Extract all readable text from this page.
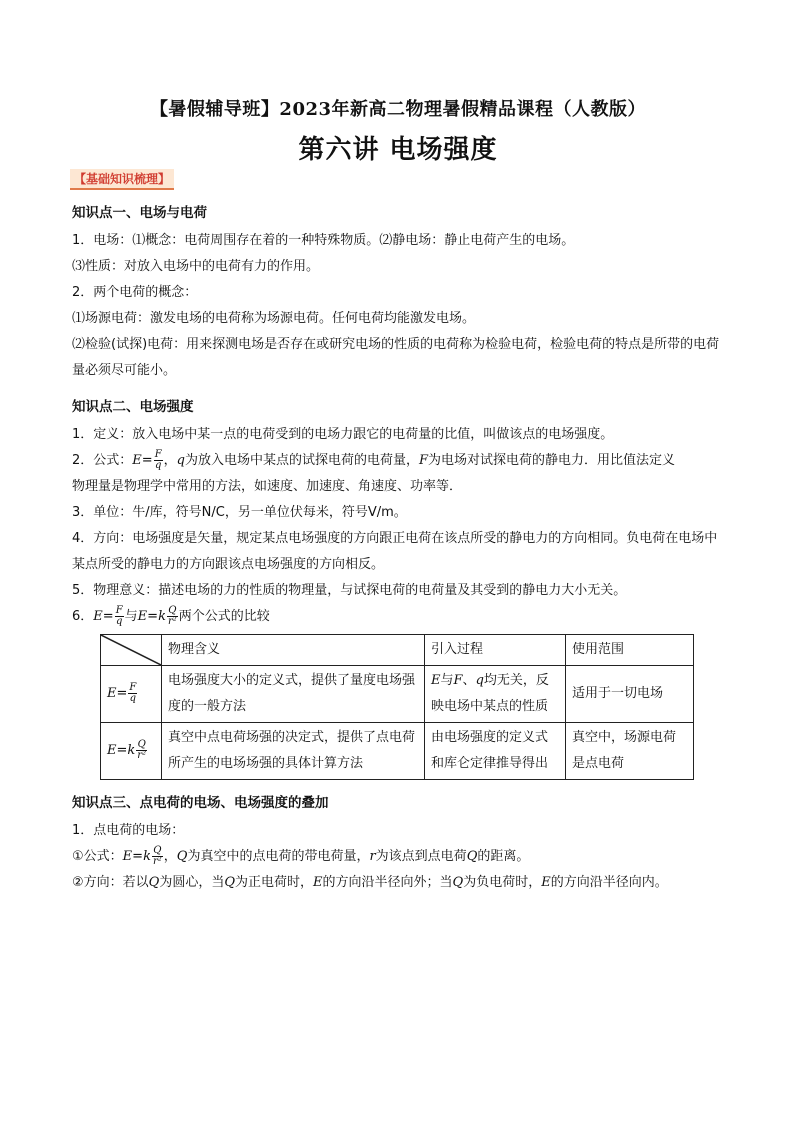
【暑假辅导班】2023年新高二物理暑假精品课程（人教版）

第六讲 电场强度

【基础知识梳理】
知识点一、电场与电荷

1．电场：⑴概念：电荷周围存在着的一种特殊物质。⑵静电场：静止电荷产生的电场。

⑶性质：对放入电场中的电荷有力的作用。

2．两个电荷的概念：

⑴场源电荷：激发电场的电荷称为场源电荷。任何电荷均能激发电场。

⑵检验(试探)电荷：用来探测电场是否存在或研究电场的性质的电荷称为检验电荷，检验电荷的特点是所带的电荷量必须尽可能小。

知识点二、电场强度

1．定义：放入电场中某一点的电荷受到的电场力跟它的电荷量的比值，叫做该点的电场强度。

2．公式：$E= \frac{F}{q}$ ，q为放入电场中某点的试探电荷的电荷量，F为电场对试探电荷的静电力．用比值法定义

物理量是物理学中常用的方法，如速度、加速度、角速度、功率等．

3．单位：牛/库，符号N/C，另一单位伏每米，符号V/m。

4．方向：电场强度是矢量，规定某点电场强度的方向跟正电荷在该点所受的静电力的方向相同。负电荷在电场中某点所受的静电力的方向跟该点电场强度的方向相反。

5．物理意义：描述电场的力的性质的物理量，与试探电荷的电荷量及其受到的静电力大小无关。

6．$E= \frac{F}{q}$ 与$E=k \frac{Q}{\text{r²}}$ 两个公式的比较

	物理含义	引入过程	使用范围
$E= \frac{F}{q}$	电场强度大小的定义式，提供了量度电场强度的一般方法	E与F、q均无关，反映电场中某点的性质	适用于一切电场
$E=k \frac{Q}{\text{r²}}$	真空中点电荷场强的决定式，提供了点电荷所产生的电场场强的具体计算方法	由电场强度的定义式和库仑定律推导得出	真空中，场源电荷是点电荷
知识点三、点电荷的电场、电场强度的叠加

1．点电荷的电场：

①公式：$E=k \frac{Q}{\text{r²}}$ ，Q为真空中的点电荷的带电荷量，r为该点到点电荷Q的距离。

②方向：若以Q为圆心，当Q为正电荷时，E的方向沿半径向外；当Q为负电荷时，E的方向沿半径向内。
